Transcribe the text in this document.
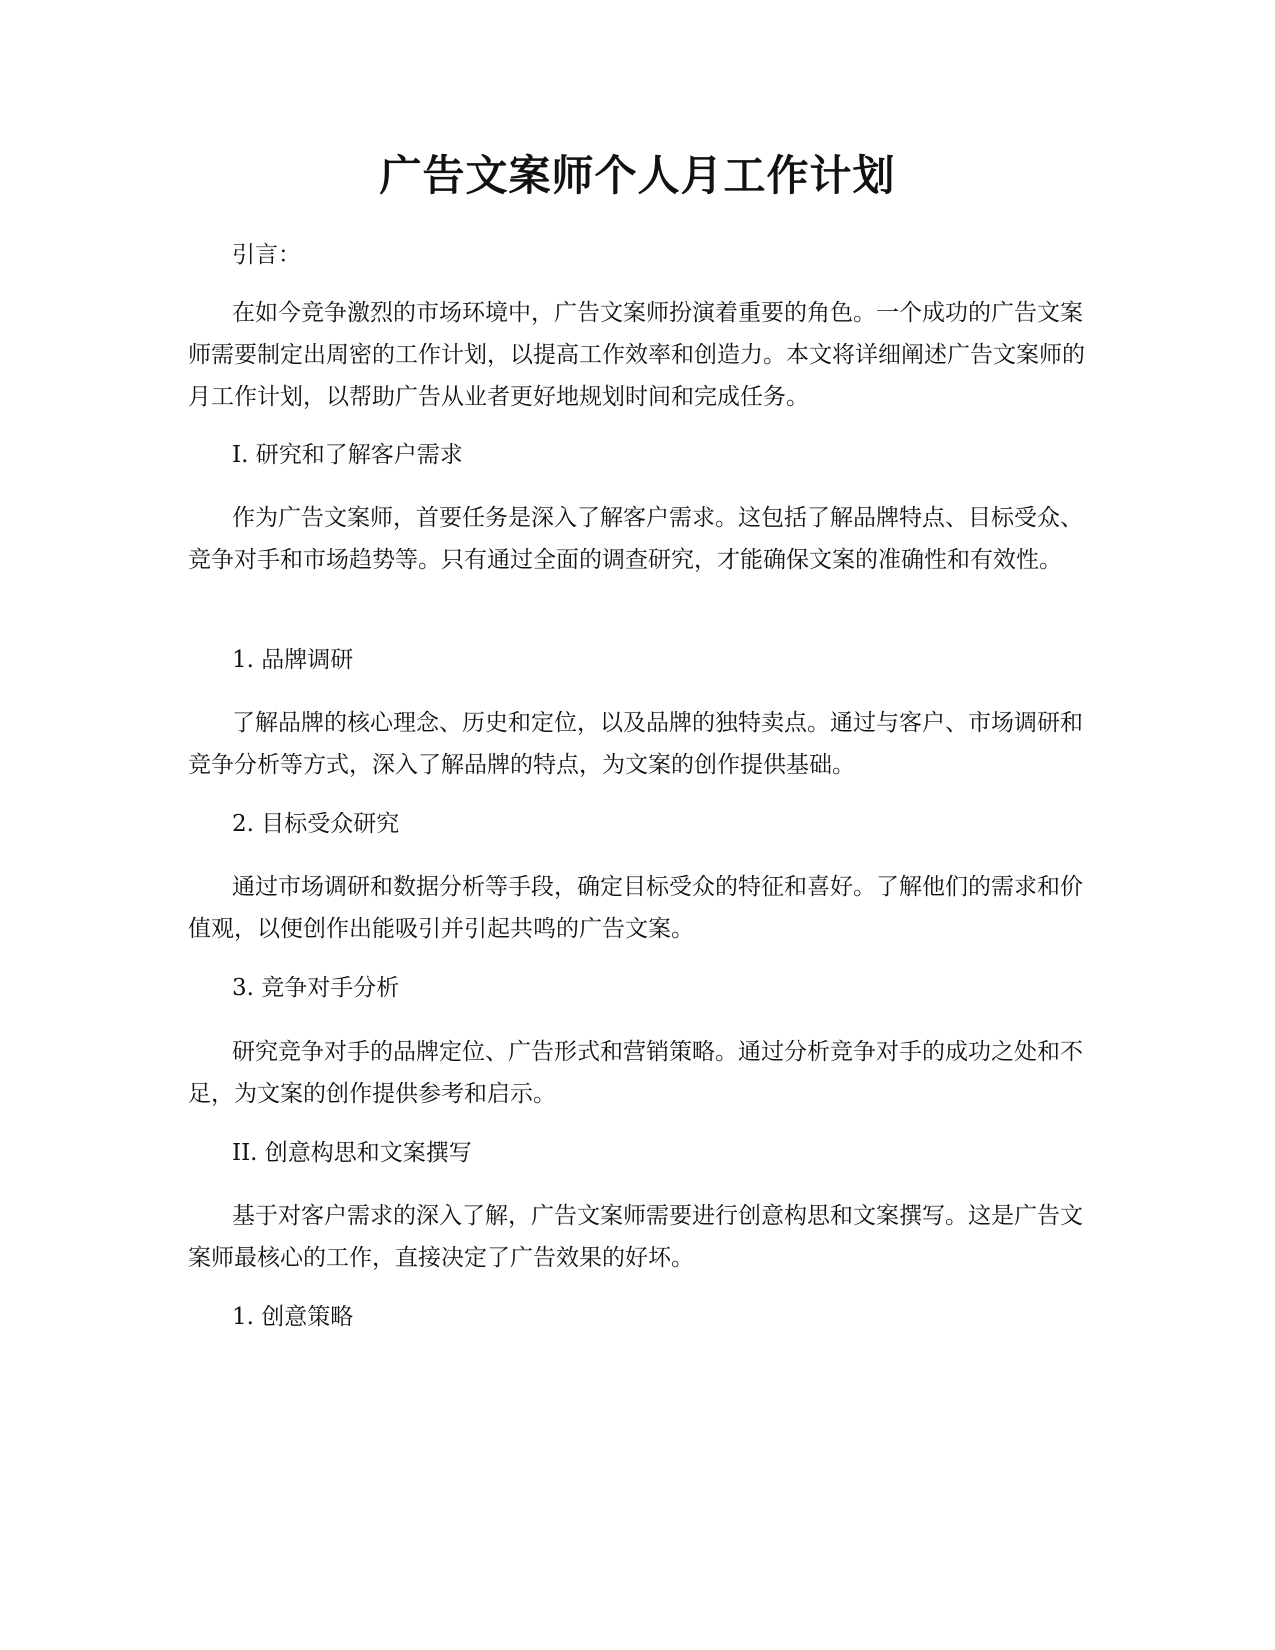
广告文案师个人月工作计划

引言：

在如今竞争激烈的市场环境中，广告文案师扮演着重要的角色。一个成功的广告文案师需要制定出周密的工作计划，以提高工作效率和创造力。本文将详细阐述广告文案师的月工作计划，以帮助广告从业者更好地规划时间和完成任务。

I. 研究和了解客户需求

作为广告文案师，首要任务是深入了解客户需求。这包括了解品牌特点、目标受众、竞争对手和市场趋势等。只有通过全面的调查研究，才能确保文案的准确性和有效性。

1. 品牌调研

了解品牌的核心理念、历史和定位，以及品牌的独特卖点。通过与客户、市场调研和竞争分析等方式，深入了解品牌的特点，为文案的创作提供基础。

2. 目标受众研究

通过市场调研和数据分析等手段，确定目标受众的特征和喜好。了解他们的需求和价值观，以便创作出能吸引并引起共鸣的广告文案。

3. 竞争对手分析

研究竞争对手的品牌定位、广告形式和营销策略。通过分析竞争对手的成功之处和不足，为文案的创作提供参考和启示。

II. 创意构思和文案撰写

基于对客户需求的深入了解，广告文案师需要进行创意构思和文案撰写。这是广告文案师最核心的工作，直接决定了广告效果的好坏。

1. 创意策略
